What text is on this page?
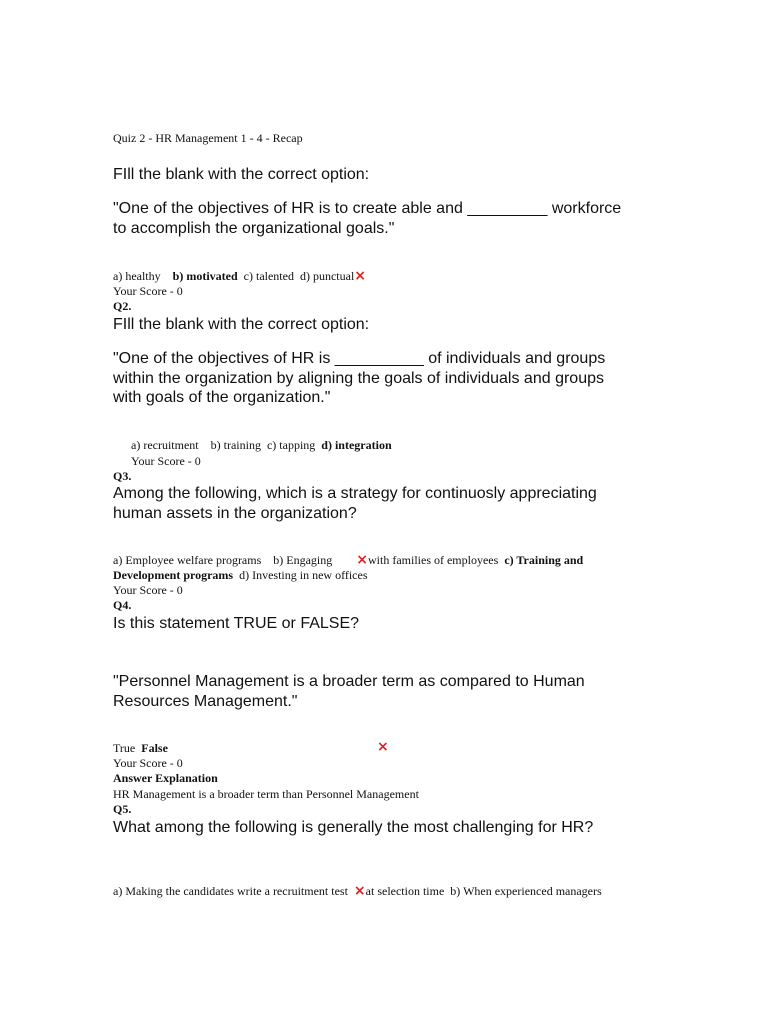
Quiz 2 - HR Management 1 - 4 - Recap
FIll the blank with the correct option:
"One of the objectives of HR is to create able and _________ workforce
to accomplish the organizational goals."
a) healthy b) motivated c) talented d) punctual×
Your Score - 0
Q2.
FIll the blank with the correct option:
"One of the objectives of HR is __________ of individuals and groups
within the organization by aligning the goals of individuals and groups
with goals of the organization."
a) recruitment b) training c) tapping d) integration
Your Score - 0
Q3.
Among the following, which is a strategy for continuosly appreciating
human assets in the organization?
a) Employee welfare programs b) Engaging ×with families of employees c) Training and
Development programs d) Investing in new offices
Your Score - 0
Q4.
Is this statement TRUE or FALSE?
"Personnel Management is a broader term as compared to Human
Resources Management."
True False	×
Your Score - 0
Answer Explanation
HR Management is a broader term than Personnel Management
Q5.
What among the following is generally the most challenging for HR?
a) Making the candidates write a recruitment test ×at selection time b) When experienced managers
